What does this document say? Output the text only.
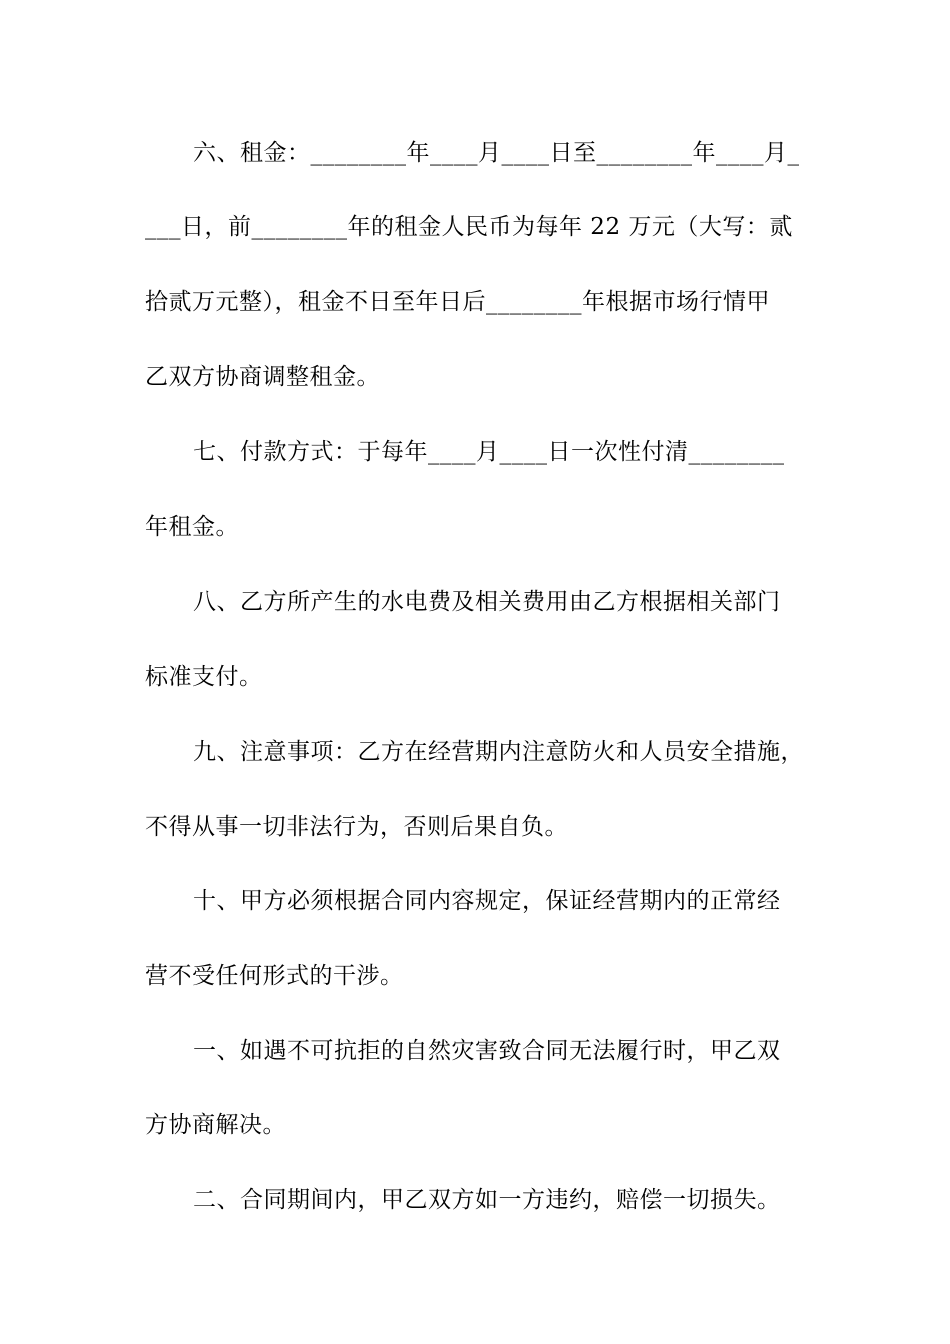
六、租金：________年____月____日至________年____月_
___日，前________年的租金人民币为每年 22 万元（大写：贰
拾贰万元整），租金不日至年日后________年根据市场行情甲
乙双方协商调整租金。
七、付款方式：于每年____月____日一次性付清________
年租金。
八、乙方所产生的水电费及相关费用由乙方根据相关部门
标准支付。
九、注意事项：乙方在经营期内注意防火和人员安全措施，
不得从事一切非法行为，否则后果自负。
十、甲方必须根据合同内容规定，保证经营期内的正常经
营不受任何形式的干涉。
一、如遇不可抗拒的自然灾害致合同无法履行时，甲乙双
方协商解决。
二、合同期间内，甲乙双方如一方违约，赔偿一切损失。
